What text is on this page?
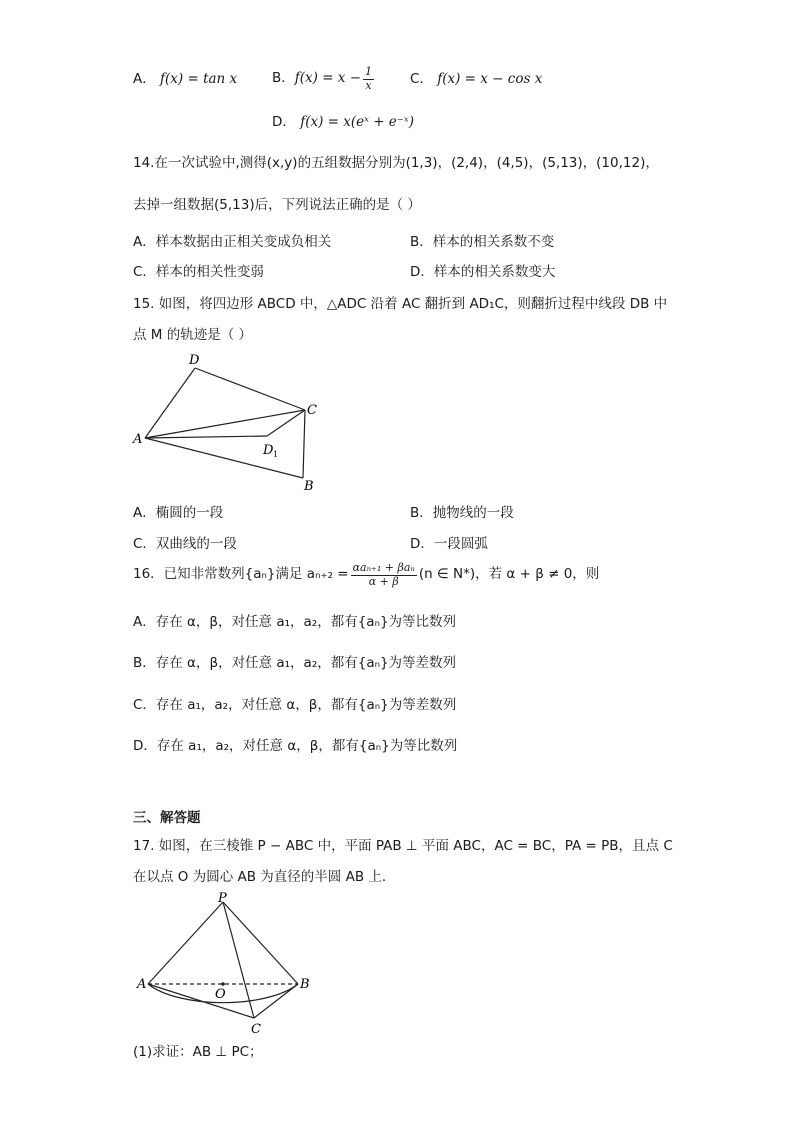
A． f(x) = tan x	B． $f(x) = x - \frac{1}{x}$	C． f(x) = x − cos x
D． f(x) = x(eˣ + e⁻ˣ)
14.在一次试验中,测得(x,y)的五组数据分别为(1,3)，(2,4)，(4,5)，(5,13)，(10,12)，
去掉一组数据(5,13)后，下列说法正确的是（ ）
A．样本数据由正相关变成负相关	B．样本的相关系数不变
C．样本的相关性变弱	D．样本的相关系数变大
15. 如图，将四边形 ABCD 中，△ADC 沿着 AC 翻折到 AD₁C，则翻折过程中线段 DB 中
点 M 的轨迹是（ ）
D
C
A
D 1
B
A．椭圆的一段	B．抛物线的一段
C．双曲线的一段	D．一段圆弧
16．已知非常数列{aₙ}满足 $a_{n+2} = \frac{\text{αaₙ₊₁ + βaₙ}}{\alpha + \beta} (n$ ∈ N*)，若 α + β ≠ 0，则
A．存在 α，β，对任意 a₁，a₂，都有{aₙ}为等比数列
B．存在 α，β，对任意 a₁，a₂，都有{aₙ}为等差数列
C．存在 a₁，a₂，对任意 α，β，都有{aₙ}为等差数列
D．存在 a₁，a₂，对任意 α，β，都有{aₙ}为等比数列
三、解答题
17. 如图，在三棱锥 P − ABC 中，平面 PAB ⊥ 平面 ABC，AC = BC，PA = PB，且点 C
在以点 O 为圆心 AB 为直径的半圆 AB 上．
P
A
O
B
C
(1)求证：AB ⊥ PC；
